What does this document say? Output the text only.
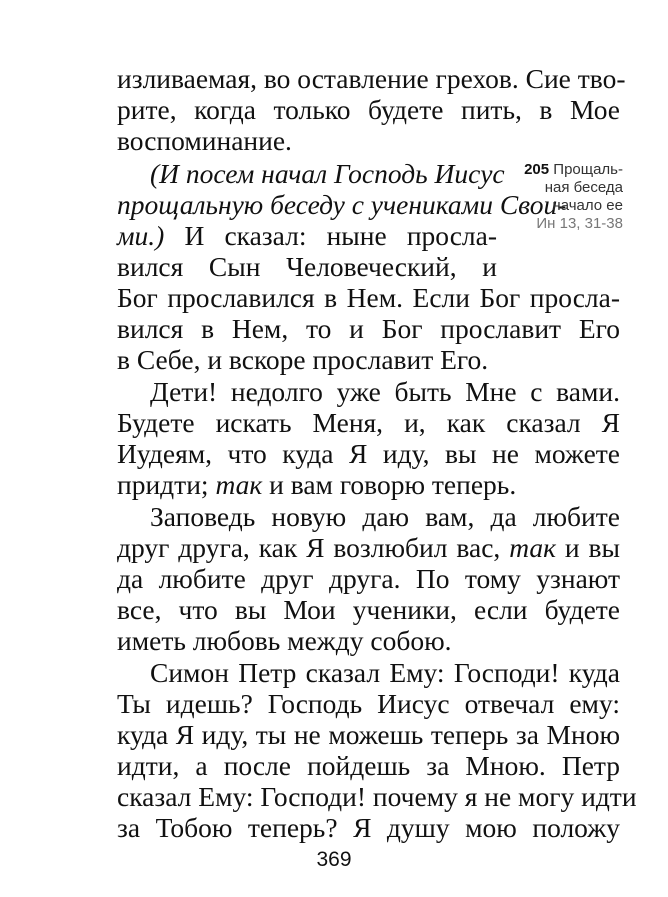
изливаемая, во оставление грехов. Сие тво-
рите, когда только будете пить, в Мое
воспоминание.
(И посем начал Господь Иисус
прощальную беседу с учениками Свои-
ми.) И сказал: ныне просла-
вился Сын Человеческий, и
205 Прощаль-
ная беседа
начало ее
Ин 13, 31-38
Бог прославился в Нем. Если Бог просла-
вился в Нем, то и Бог прославит Его
в Себе, и вскоре прославит Его.
Дети! недолго уже быть Мне с вами.
Будете искать Меня, и, как сказал Я
Иудеям, что куда Я иду, вы не можете
придти; так и вам говорю теперь.
Заповедь новую даю вам, да любите
друг друга, как Я возлюбил вас, так и вы
да любите друг друга. По тому узнают
все, что вы Мои ученики, если будете
иметь любовь между собою.
Симон Петр сказал Ему: Господи! куда
Ты идешь? Господь Иисус отвечал ему:
куда Я иду, ты не можешь теперь за Мною
идти, а после пойдешь за Мною. Петр
сказал Ему: Господи! почему я не могу идти
за Тобою теперь? Я душу мою положу
369
